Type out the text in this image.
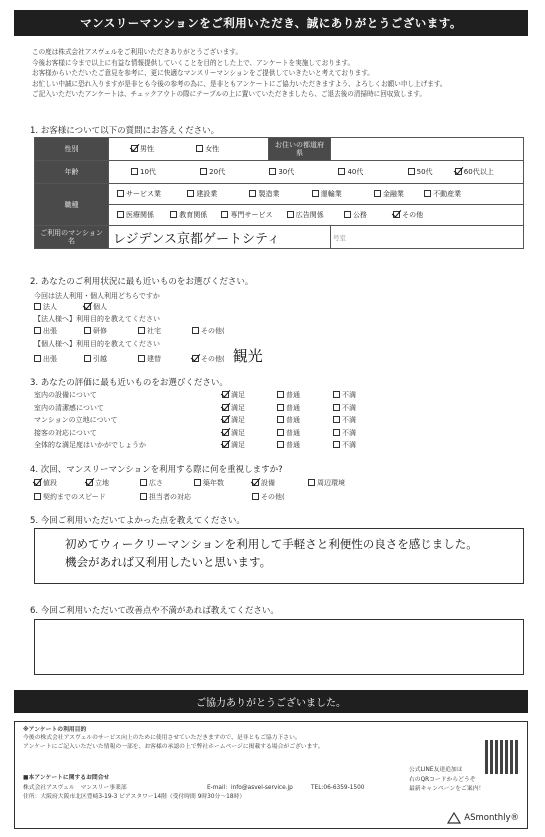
マンスリーマンションをご利用いただき、誠にありがとうございます。
この度は株式会社アスヴェルをご利用いただきありがとうございます。
今後お客様に今まで以上に有益な情報提供していくことを目的とした上で、アンケートを実施しております。
お客様からいただいたご意見を参考に、更に快適なマンスリーマンションをご提供していきたいと考えております。
お忙しい中誠に恐れ入りますが是非とも今後の参考の為に、是非ともアンケートにご協力いただきますよう、よろしくお願い申し上げます。
ご記入いただいたアンケートは、チェックアウトの際にテーブルの上に置いていただきましたら、ご退去後の清掃時に回収致します。
1. お客様について以下の質問にお答えください。
性別	男性 女性	お住いの都道府県	
年齢	10代 20代 30代 40代 50代 60代以上		
職種	サービス業 建設業 製造業 運輸業 金融業 不動産業		
	医療関係 教育関係 専門サービス 広告関係 公務 その他		
ご利用のマンション名	レジデンス京都ゲートシティ		号室
2. あなたのご利用状況に最も近いものをお選びください。
今回は法人利用・個人利用どちらですか
法人	個人
【法人様へ】利用目的を教えてください
出張	研修	社宅	その他(
【個人様へ】利用目的を教えてください
出張	引越	建替	その他( 観光
3. あなたの評価に最も近いものをお選びください。
室内の設備について	満足	普通	不満
室内の清潔感について	満足	普通	不満
マンションの立地について	満足	普通	不満
接客の対応について	満足	普通	不満
全体的な満足度はいかがでしょうか	満足	普通	不満
4. 次回、マンスリーマンションを利用する際に何を重視しますか?
値段	立地	広さ	築年数	設備	周辺環境
契約までのスピード	担当者の対応	その他(
5. 今回ご利用いただいてよかった点を教えてください。
初めてウィークリーマンションを利用して手軽さと利便性の良さを感じました。
機会があれば又利用したいと思います。
6. 今回ご利用いただいて改善点や不満があれば教えてください。
ご協力ありがとうございました。
※アンケートの利用目的
今後の株式会社アスヴェルのサービス向上のために使用させていただきますので、是非ともご協力下さい。
アンケートにご記入いただいた情報の一部を、お客様の承認の上で弊社ホームページに掲載する場合がございます。
■本アンケートに関するお問合せ
株式会社アスヴェル　マンスリー事業部
住所：大阪府大阪市北区豊崎3-19-3 ピアスタワー14階（受付時間 9時30分～18時）
E-mail：info@asvel-service.jp	TEL:06-6359-1500
公式LINE友達追加は
右のQRコードからどうぞ
最新キャンペーンをご案内！
ASmonthly®
